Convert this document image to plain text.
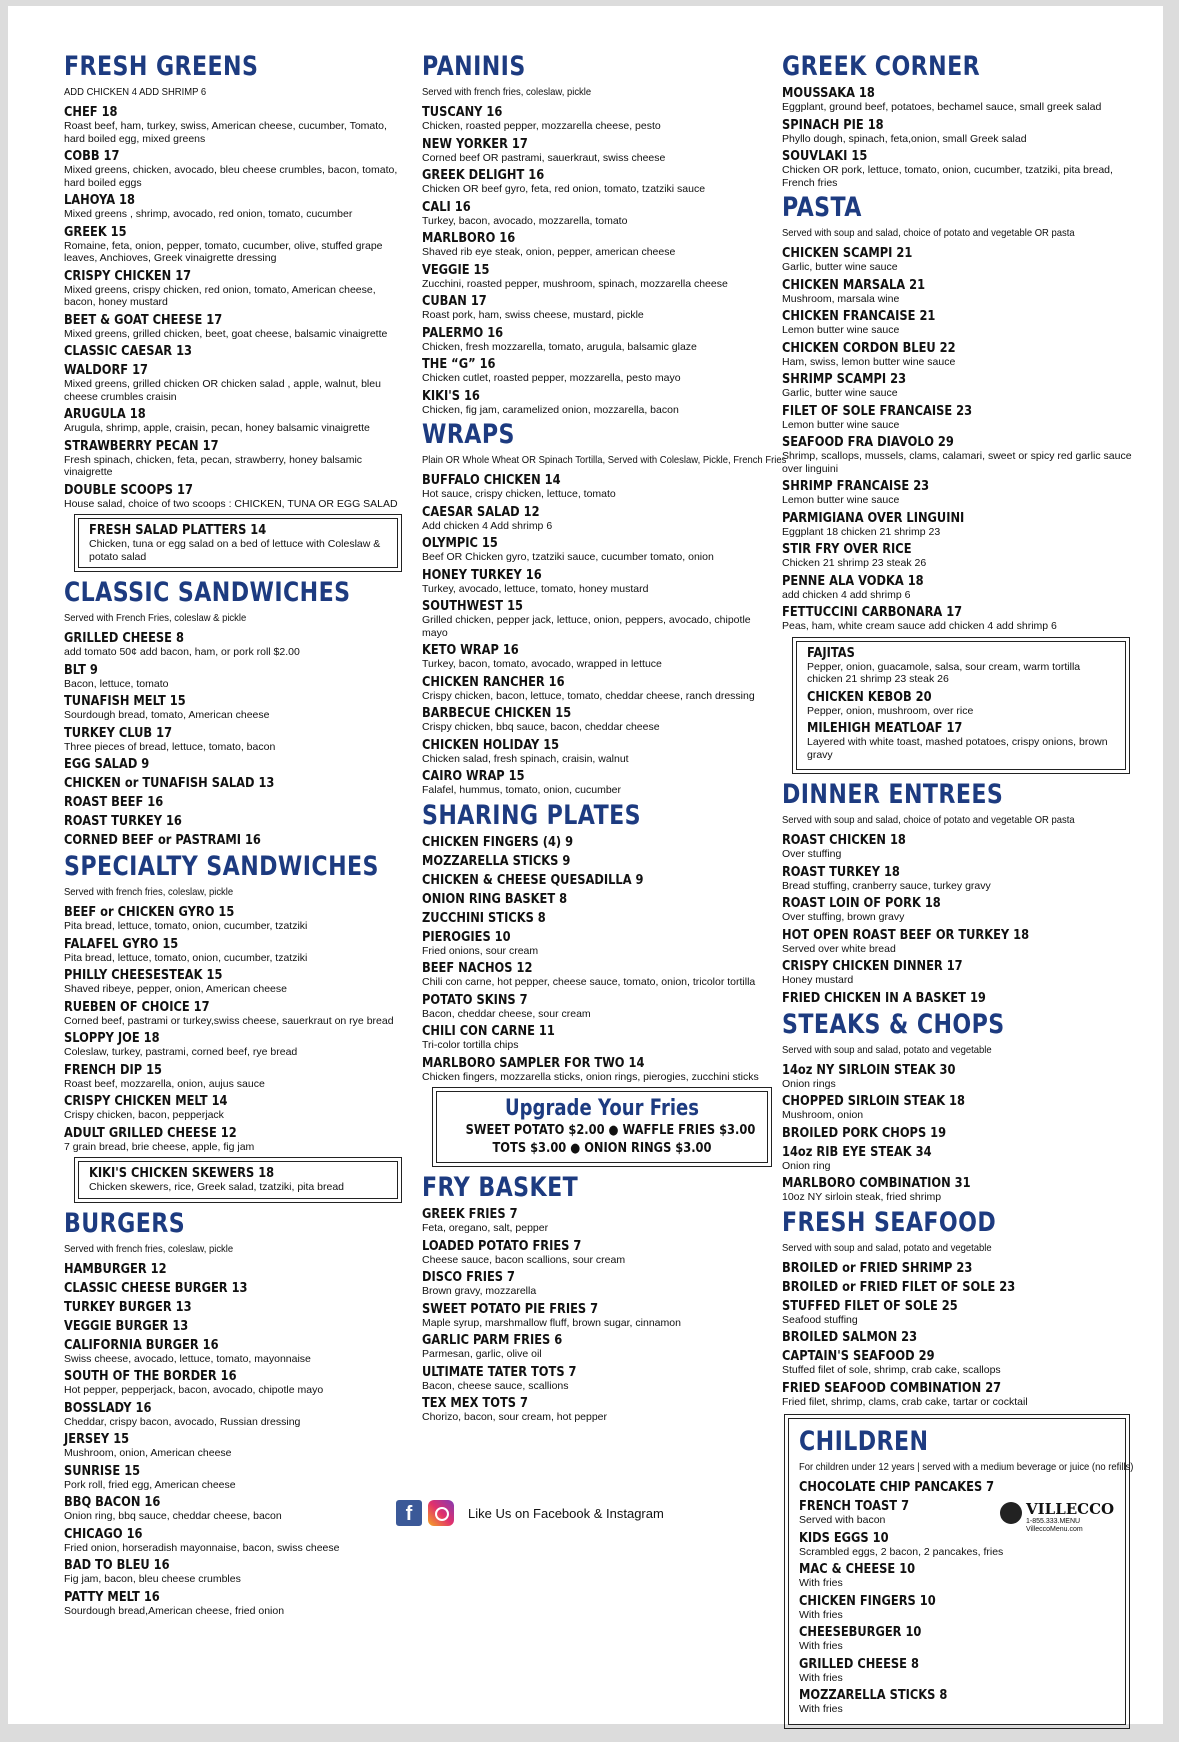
FRESH GREENS
ADD CHICKEN 4 ADD SHRIMP 6
CHEF 18
Roast beef, ham, turkey, swiss, American cheese, cucumber, Tomato, hard boiled egg, mixed greens
COBB 17
Mixed greens, chicken, avocado, bleu cheese crumbles, bacon, tomato, hard boiled eggs
LAHOYA 18
Mixed greens , shrimp, avocado, red onion, tomato, cucumber
GREEK 15
Romaine, feta, onion, pepper, tomato, cucumber, olive, stuffed grape leaves, Anchioves, Greek vinaigrette dressing
CRISPY CHICKEN 17
Mixed greens, crispy chicken, red onion, tomato, American cheese, bacon, honey mustard
BEET & GOAT CHEESE 17
Mixed greens, grilled chicken, beet, goat cheese, balsamic vinaigrette
CLASSIC CAESAR 13
WALDORF 17
Mixed greens, grilled chicken OR chicken salad , apple, walnut, bleu cheese crumbles craisin
ARUGULA 18
Arugula, shrimp, apple, craisin, pecan, honey balsamic vinaigrette
STRAWBERRY PECAN 17
Fresh spinach, chicken, feta, pecan, strawberry, honey balsamic vinaigrette
DOUBLE SCOOPS 17
House salad, choice of two scoops : CHICKEN, TUNA OR EGG SALAD
FRESH SALAD PLATTERS 14
Chicken, tuna or egg salad on a bed of lettuce with Coleslaw & potato salad
CLASSIC SANDWICHES
Served with French Fries, coleslaw & pickle
GRILLED CHEESE 8
add tomato 50¢ add bacon, ham, or pork roll $2.00
BLT 9
Bacon, lettuce, tomato
TUNAFISH MELT 15
Sourdough bread, tomato, American cheese
TURKEY CLUB 17
Three pieces of bread, lettuce, tomato, bacon
EGG SALAD 9
CHICKEN or TUNAFISH SALAD 13
ROAST BEEF 16
ROAST TURKEY 16
CORNED BEEF or PASTRAMI 16
SPECIALTY SANDWICHES
Served with french fries, coleslaw, pickle
BEEF or CHICKEN GYRO 15
Pita bread, lettuce, tomato, onion, cucumber, tzatziki
FALAFEL GYRO 15
Pita bread, lettuce, tomato, onion, cucumber, tzatziki
PHILLY CHEESESTEAK 15
Shaved ribeye, pepper, onion, American cheese
RUEBEN OF CHOICE 17
Corned beef, pastrami or turkey,swiss cheese, sauerkraut on rye bread
SLOPPY JOE 18
Coleslaw, turkey, pastrami, corned beef, rye bread
FRENCH DIP 15
Roast beef, mozzarella, onion, aujus sauce
CRISPY CHICKEN MELT 14
Crispy chicken, bacon, pepperjack
ADULT GRILLED CHEESE 12
7 grain bread, brie cheese, apple, fig jam
KIKI'S CHICKEN SKEWERS 18
Chicken skewers, rice, Greek salad, tzatziki, pita bread
BURGERS
Served with french fries, coleslaw, pickle
HAMBURGER 12
CLASSIC CHEESE BURGER 13
TURKEY BURGER 13
VEGGIE BURGER 13
CALIFORNIA BURGER 16
Swiss cheese, avocado, lettuce, tomato, mayonnaise
SOUTH OF THE BORDER 16
Hot pepper, pepperjack, bacon, avocado, chipotle mayo
BOSSLADY 16
Cheddar, crispy bacon, avocado, Russian dressing
JERSEY 15
Mushroom, onion, American cheese
SUNRISE 15
Pork roll, fried egg, American cheese
BBQ BACON 16
Onion ring, bbq sauce, cheddar cheese, bacon
CHICAGO 16
Fried onion, horseradish mayonnaise, bacon, swiss cheese
BAD TO BLEU 16
Fig jam, bacon, bleu cheese crumbles
PATTY MELT 16
Sourdough bread,American cheese, fried onion
PANINIS
Served with french fries, coleslaw, pickle
TUSCANY 16
Chicken, roasted pepper, mozzarella cheese, pesto
NEW YORKER 17
Corned beef OR pastrami, sauerkraut, swiss cheese
GREEK DELIGHT 16
Chicken OR beef gyro, feta, red onion, tomato, tzatziki sauce
CALI 16
Turkey, bacon, avocado, mozzarella, tomato
MARLBORO 16
Shaved rib eye steak, onion, pepper, american cheese
VEGGIE 15
Zucchini, roasted pepper, mushroom, spinach, mozzarella cheese
CUBAN 17
Roast pork, ham, swiss cheese, mustard, pickle
PALERMO 16
Chicken, fresh mozzarella, tomato, arugula, balsamic glaze
THE “G” 16
Chicken cutlet, roasted pepper, mozzarella, pesto mayo
KIKI'S 16
Chicken, fig jam, caramelized onion, mozzarella, bacon
WRAPS
Plain OR Whole Wheat OR Spinach Tortilla, Served with Coleslaw, Pickle, French Fries
BUFFALO CHICKEN 14
Hot sauce, crispy chicken, lettuce, tomato
CAESAR SALAD 12
Add chicken 4 Add shrimp 6
OLYMPIC 15
Beef OR Chicken gyro, tzatziki sauce, cucumber tomato, onion
HONEY TURKEY 16
Turkey, avocado, lettuce, tomato, honey mustard
SOUTHWEST 15
Grilled chicken, pepper jack, lettuce, onion, peppers, avocado, chipotle mayo
KETO WRAP 16
Turkey, bacon, tomato, avocado, wrapped in lettuce
CHICKEN RANCHER 16
Crispy chicken, bacon, lettuce, tomato, cheddar cheese, ranch dressing
BARBECUE CHICKEN 15
Crispy chicken, bbq sauce, bacon, cheddar cheese
CHICKEN HOLIDAY 15
Chicken salad, fresh spinach, craisin, walnut
CAIRO WRAP 15
Falafel, hummus, tomato, onion, cucumber
SHARING PLATES
CHICKEN FINGERS (4) 9
MOZZARELLA STICKS 9
CHICKEN & CHEESE QUESADILLA 9
ONION RING BASKET 8
ZUCCHINI STICKS 8
PIEROGIES 10
Fried onions, sour cream
BEEF NACHOS 12
Chili con carne, hot pepper, cheese sauce, tomato, onion, tricolor tortilla
POTATO SKINS 7
Bacon, cheddar cheese, sour cream
CHILI CON CARNE 11
Tri-color tortilla chips
MARLBORO SAMPLER FOR TWO 14
Chicken fingers, mozzarella sticks, onion rings, pierogies, zucchini sticks
Upgrade Your Fries
SWEET POTATO $2.00 ● WAFFLE FRIES $3.00
TOTS $3.00 ● ONION RINGS $3.00
FRY BASKET
GREEK FRIES 7
Feta, oregano, salt, pepper
LOADED POTATO FRIES 7
Cheese sauce, bacon scallions, sour cream
DISCO FRIES 7
Brown gravy, mozzarella
SWEET POTATO PIE FRIES 7
Maple syrup, marshmallow fluff, brown sugar, cinnamon
GARLIC PARM FRIES 6
Parmesan, garlic, olive oil
ULTIMATE TATER TOTS 7
Bacon, cheese sauce, scallions
TEX MEX TOTS 7
Chorizo, bacon, sour cream, hot pepper
GREEK CORNER
MOUSSAKA 18
Eggplant, ground beef, potatoes, bechamel sauce, small greek salad
SPINACH PIE 18
Phyllo dough, spinach, feta,onion, small Greek salad
SOUVLAKI 15
Chicken OR pork, lettuce, tomato, onion, cucumber, tzatziki, pita bread, French fries
PASTA
Served with soup and salad, choice of potato and vegetable OR pasta
CHICKEN SCAMPI 21
Garlic, butter wine sauce
CHICKEN MARSALA 21
Mushroom, marsala wine
CHICKEN FRANCAISE 21
Lemon butter wine sauce
CHICKEN CORDON BLEU 22
Ham, swiss, lemon butter wine sauce
SHRIMP SCAMPI 23
Garlic, butter wine sauce
FILET OF SOLE FRANCAISE 23
Lemon butter wine sauce
SEAFOOD FRA DIAVOLO 29
Shrimp, scallops, mussels, clams, calamari, sweet or spicy red garlic sauce over linguini
SHRIMP FRANCAISE 23
Lemon butter wine sauce
PARMIGIANA OVER LINGUINI
Eggplant 18 chicken 21 shrimp 23
STIR FRY OVER RICE
Chicken 21 shrimp 23 steak 26
PENNE ALA VODKA 18
add chicken 4 add shrimp 6
FETTUCCINI CARBONARA 17
Peas, ham, white cream sauce add chicken 4 add shrimp 6
FAJITAS
Pepper, onion, guacamole, salsa, sour cream, warm tortilla chicken 21 shrimp 23 steak 26
CHICKEN KEBOB 20
Pepper, onion, mushroom, over rice
MILEHIGH MEATLOAF 17
Layered with white toast, mashed potatoes, crispy onions, brown gravy
DINNER ENTREES
Served with soup and salad, choice of potato and vegetable OR pasta
ROAST CHICKEN 18
Over stuffing
ROAST TURKEY 18
Bread stuffing, cranberry sauce, turkey gravy
ROAST LOIN OF PORK 18
Over stuffing, brown gravy
HOT OPEN ROAST BEEF OR TURKEY 18
Served over white bread
CRISPY CHICKEN DINNER 17
Honey mustard
FRIED CHICKEN IN A BASKET 19
STEAKS & CHOPS
Served with soup and salad, potato and vegetable
14oz NY SIRLOIN STEAK 30
Onion rings
CHOPPED SIRLOIN STEAK 18
Mushroom, onion
BROILED PORK CHOPS 19
14oz RIB EYE STEAK 34
Onion ring
MARLBORO COMBINATION 31
10oz NY sirloin steak, fried shrimp
FRESH SEAFOOD
Served with soup and salad, potato and vegetable
BROILED or FRIED SHRIMP 23
BROILED or FRIED FILET OF SOLE 23
STUFFED FILET OF SOLE 25
Seafood stuffing
BROILED SALMON 23
CAPTAIN'S SEAFOOD 29
Stuffed filet of sole, shrimp, crab cake, scallops
FRIED SEAFOOD COMBINATION 27
Fried filet, shrimp, clams, crab cake, tartar or cocktail
CHILDREN
For children under 12 years | served with a medium beverage or juice (no refills)
CHOCOLATE CHIP PANCAKES 7
FRENCH TOAST 7
Served with bacon
KIDS EGGS 10
Scrambled eggs, 2 bacon, 2 pancakes, fries
MAC & CHEESE 10
With fries
CHICKEN FINGERS 10
With fries
CHEESEBURGER 10
With fries
GRILLED CHEESE 8
With fries
MOZZARELLA STICKS 8
With fries
f	Like Us on Facebook & Instagram	VILLECCO
1-855.333.MENU
VilleccoMenu.com
